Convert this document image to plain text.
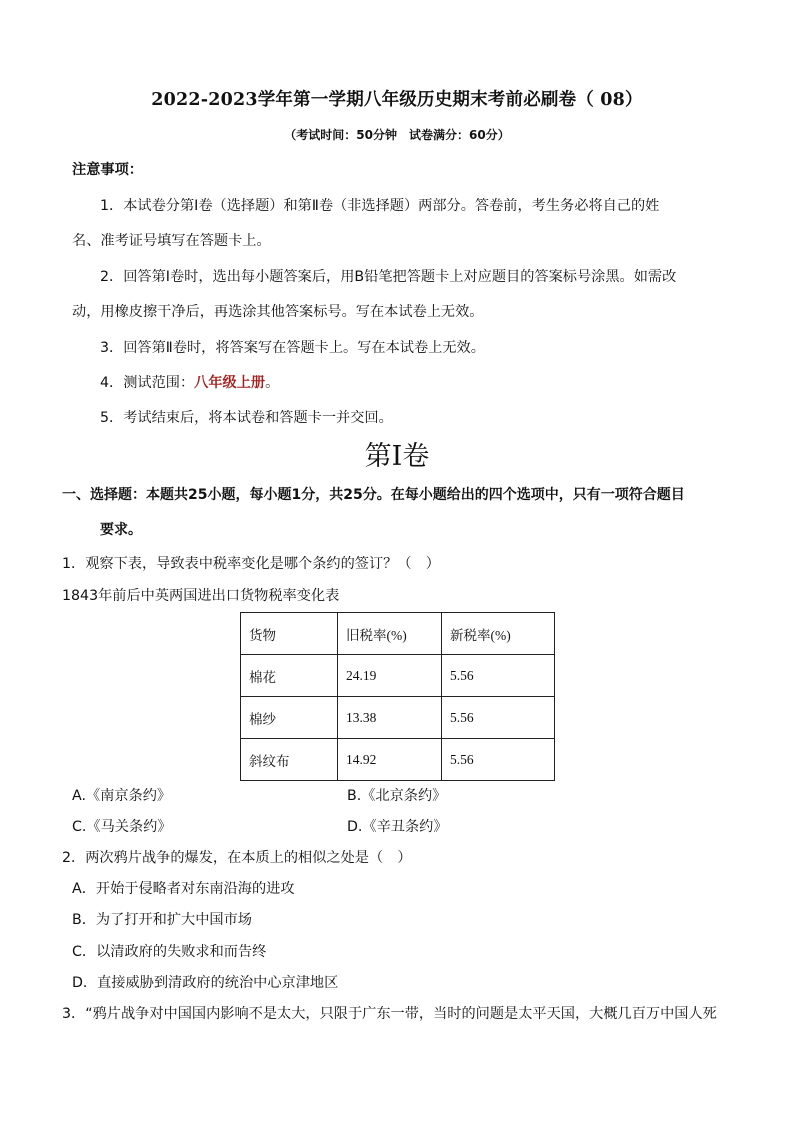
2022-2023学年第一学期八年级历史期末考前必刷卷（ 08）
（考试时间：50分钟　试卷满分：60分）
注意事项：
1．本试卷分第Ⅰ卷（选择题）和第Ⅱ卷（非选择题）两部分。答卷前，考生务必将自己的姓
名、准考证号填写在答题卡上。
2．回答第Ⅰ卷时，选出每小题答案后，用B铅笔把答题卡上对应题目的答案标号涂黑。如需改
动，用橡皮擦干净后，再选涂其他答案标号。写在本试卷上无效。
3．回答第Ⅱ卷时，将答案写在答题卡上。写在本试卷上无效。
4．测试范围：八年级上册。
5．考试结束后，将本试卷和答题卡一并交回。
第Ⅰ卷
一、选择题：本题共25小题，每小题1分，共25分。在每小题给出的四个选项中，只有一项符合题目
要求。
1．观察下表，导致表中税率变化是哪个条约的签订？（　）
1843年前后中英两国进出口货物税率变化表
货物	旧税率(%)	新税率(%)
棉花	24.19	5.56
棉纱	13.38	5.56
斜纹布	14.92	5.56
A.《南京条约》	B.《北京条约》
C.《马关条约》	D.《辛丑条约》
2．两次鸦片战争的爆发，在本质上的相似之处是（　）
A．开始于侵略者对东南沿海的进攻
B．为了打开和扩大中国市场
C．以清政府的失败求和而告终
D．直接威胁到清政府的统治中心京津地区
3．“鸦片战争对中国国内影响不是太大，只限于广东一带，当时的问题是太平天国，大概几百万中国人死
